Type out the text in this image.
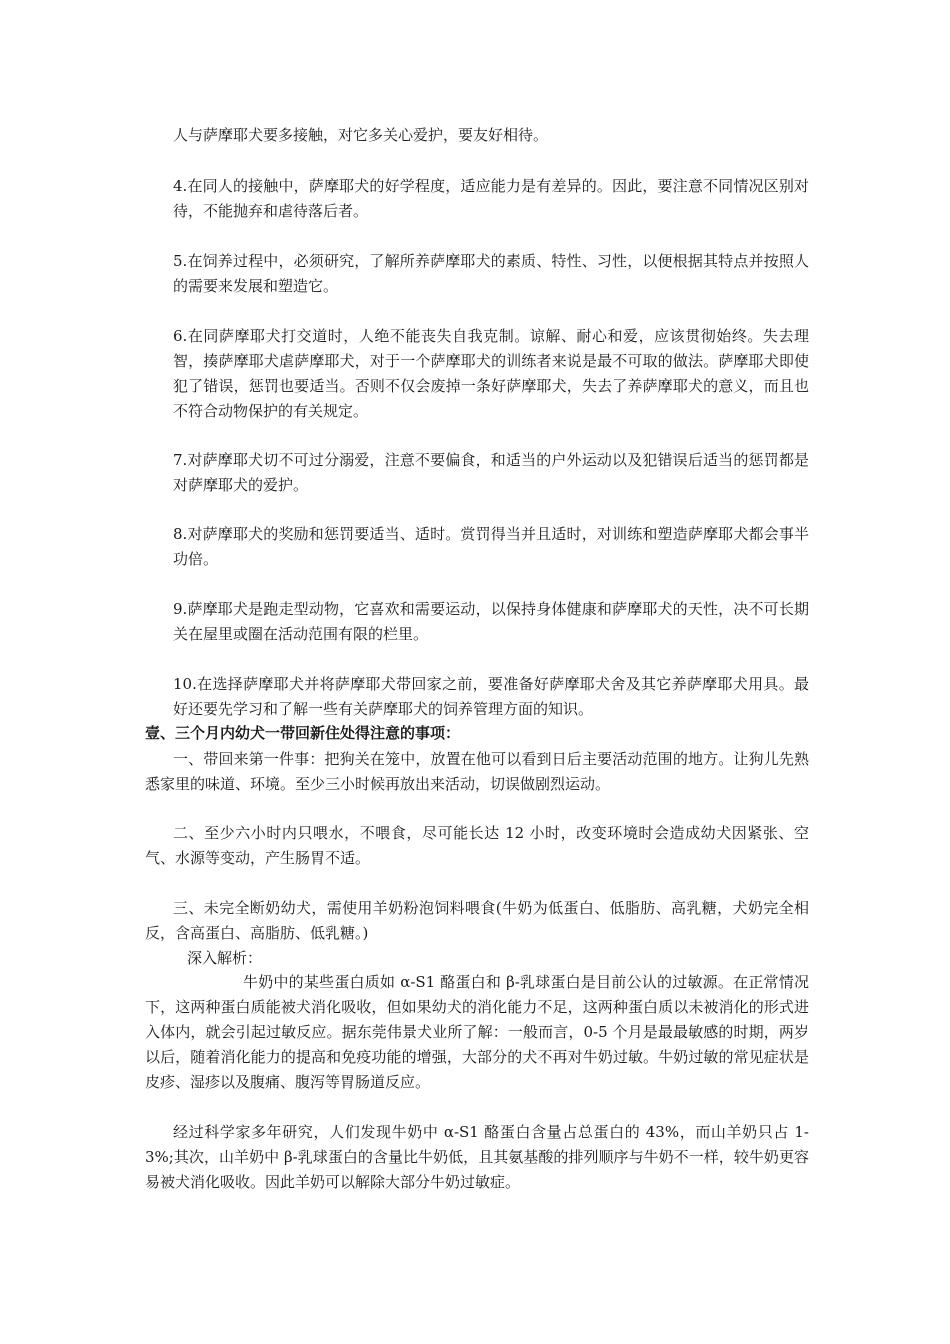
人与萨摩耶犬要多接触，对它多关心爱护，要友好相待。

4.在同人的接触中，萨摩耶犬的好学程度，适应能力是有差异的。因此，要注意不同情况区别对待，不能抛弃和虐待落后者。

5.在饲养过程中，必须研究，了解所养萨摩耶犬的素质、特性、习性，以便根据其特点并按照人的需要来发展和塑造它。

6.在同萨摩耶犬打交道时，人绝不能丧失自我克制。谅解、耐心和爱，应该贯彻始终。失去理智，揍萨摩耶犬虐萨摩耶犬，对于一个萨摩耶犬的训练者来说是最不可取的做法。萨摩耶犬即使犯了错误，惩罚也要适当。否则不仅会废掉一条好萨摩耶犬，失去了养萨摩耶犬的意义，而且也不符合动物保护的有关规定。

7.对萨摩耶犬切不可过分溺爱，注意不要偏食，和适当的户外运动以及犯错误后适当的惩罚都是对萨摩耶犬的爱护。

8.对萨摩耶犬的奖励和惩罚要适当、适时。赏罚得当并且适时，对训练和塑造萨摩耶犬都会事半功倍。

9.萨摩耶犬是跑走型动物，它喜欢和需要运动，以保持身体健康和萨摩耶犬的天性，决不可长期关在屋里或圈在活动范围有限的栏里。

10.在选择萨摩耶犬并将萨摩耶犬带回家之前，要准备好萨摩耶犬舍及其它养萨摩耶犬用具。最好还要先学习和了解一些有关萨摩耶犬的饲养管理方面的知识。

壹、三个月内幼犬一带回新住处得注意的事项：

一、带回来第一件事：把狗关在笼中，放置在他可以看到日后主要活动范围的地方。让狗儿先熟悉家里的味道、环境。至少三小时候再放出来活动，切误做剧烈运动。

二、至少六小时内只喂水，不喂食，尽可能长达 12 小时，改变环境时会造成幼犬因紧张、空气、水源等变动，产生肠胃不适。

三、未完全断奶幼犬，需使用羊奶粉泡饲料喂食(牛奶为低蛋白、低脂肪、高乳糖，犬奶完全相反，含高蛋白、高脂肪、低乳糖。)

深入解析：

牛奶中的某些蛋白质如 α-S1 酪蛋白和 β-乳球蛋白是目前公认的过敏源。在正常情况下，这两种蛋白质能被犬消化吸收，但如果幼犬的消化能力不足，这两种蛋白质以未被消化的形式进入体内，就会引起过敏反应。据东莞伟景犬业所了解：一般而言，0-5 个月是最最敏感的时期，两岁以后，随着消化能力的提高和免疫功能的增强，大部分的犬不再对牛奶过敏。牛奶过敏的常见症状是皮疹、湿疹以及腹痛、腹泻等胃肠道反应。

经过科学家多年研究，人们发现牛奶中 α-S1 酪蛋白含量占总蛋白的 43%，而山羊奶只占 1-3%;其次，山羊奶中 β-乳球蛋白的含量比牛奶低，且其氨基酸的排列顺序与牛奶不一样，较牛奶更容易被犬消化吸收。因此羊奶可以解除大部分牛奶过敏症。
